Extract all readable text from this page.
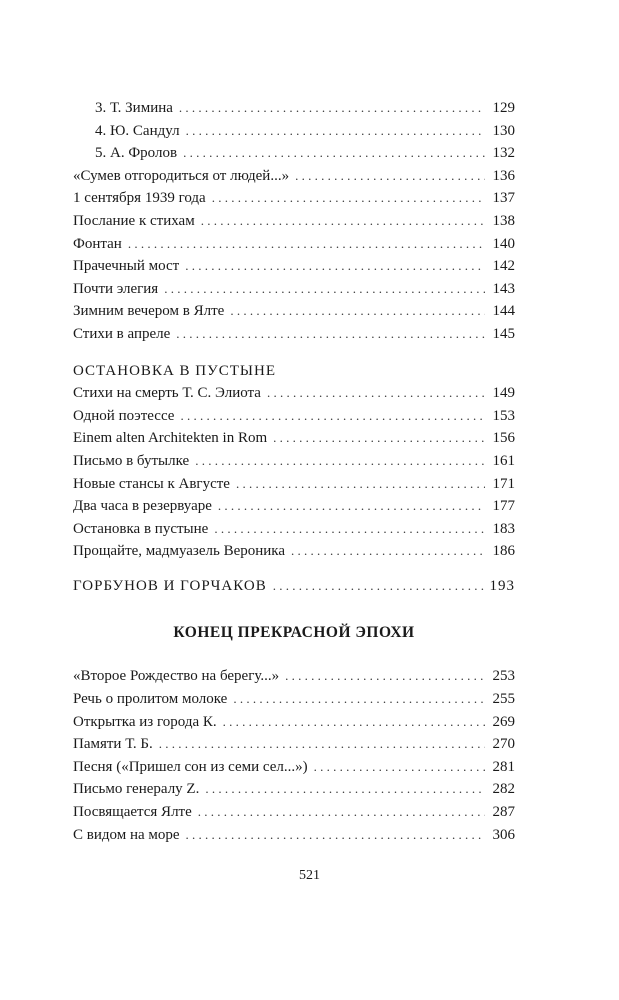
3. Т. Зимина . . .	129
4. Ю. Сандул . . .	130
5. А. Фролов . . .	132
«Сумев отгородиться от людей...» . . .	136
1 сентября 1939 года . . .	137
Послание к стихам . . .	138
Фонтан . . .	140
Прачечный мост . . .	142
Почти элегия . . .	143
Зимним вечером в Ялте . . .	144
Стихи в апреле . . .	145
ОСТАНОВКА В ПУСТЫНЕ
Стихи на смерть Т. С. Элиота . . .	149
Одной поэтессе . . .	153
Einem alten Architekten in Rom . . .	156
Письмо в бутылке . . .	161
Новые стансы к Августе . . .	171
Два часа в резервуаре . . .	177
Остановка в пустыне . . .	183
Прощайте, мадмуазель Вероника . . .	186
ГОРБУНОВ И ГОРЧАКОВ . . .	193
КОНЕЦ ПРЕКРАСНОЙ ЭПОХИ
«Второе Рождество на берегу...» . . .	253
Речь о пролитом молоке . . .	255
Открытка из города К. . . .	269
Памяти Т. Б. . . .	270
Песня («Пришел сон из семи сел...») . . .	281
Письмо генералу Z. . . .	282
Посвящается Ялте . . .	287
С видом на море . . .	306
521
